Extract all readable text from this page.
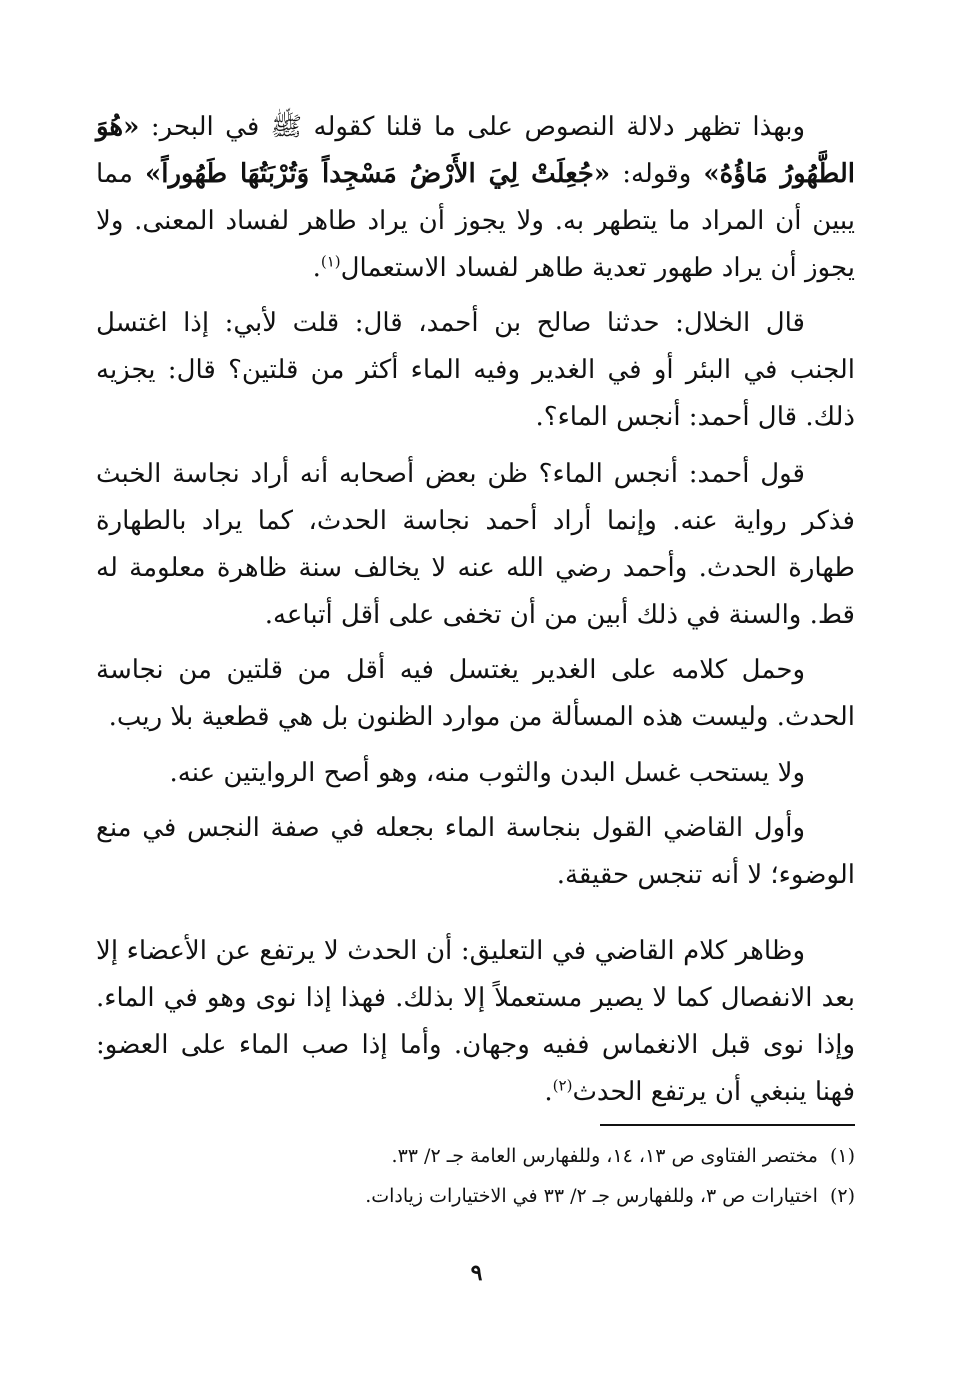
وبهذا تظهر دلالة النصوص على ما قلنا كقوله ﷺ في البحر: «هُوَ الطَّهُورُ مَاؤُهُ» وقوله: «جُعِلَتْ لِيَ الأَرْضُ مَسْجِداً وَتُرْبَتُهَا طَهُوراً» مما يبين أن المراد ما يتطهر به. ولا يجوز أن يراد طاهر لفساد المعنى. ولا يجوز أن يراد طهور تعدية طاهر لفساد الاستعمال$^{(١)}$.

قال الخلال: حدثنا صالح بن أحمد، قال: قلت لأبي: إذا اغتسل الجنب في البئر أو في الغدير وفيه الماء أكثر من قلتين؟ قال: يجزيه ذلك. قال أحمد: أنجس الماء؟.

قول أحمد: أنجس الماء؟ ظن بعض أصحابه أنه أراد نجاسة الخبث فذكر رواية عنه. وإنما أراد أحمد نجاسة الحدث، كما يراد بالطهارة طهارة الحدث. وأحمد رضي الله عنه لا يخالف سنة ظاهرة معلومة له قط. والسنة في ذلك أبين من أن تخفى على أقل أتباعه.

وحمل كلامه على الغدير يغتسل فيه أقل من قلتين من نجاسة الحدث. وليست هذه المسألة من موارد الظنون بل هي قطعية بلا ريب.

ولا يستحب غسل البدن والثوب منه، وهو أصح الروايتين عنه.

وأول القاضي القول بنجاسة الماء بجعله في صفة النجس في منع الوضوء؛ لا أنه تنجس حقيقة.

وظاهر كلام القاضي في التعليق: أن الحدث لا يرتفع عن الأعضاء إلا بعد الانفصال كما لا يصير مستعملاً إلا بذلك. فهذا إذا نوى وهو في الماء. وإذا نوى قبل الانغماس ففيه وجهان. وأما إذا صب الماء على العضو: فهنا ينبغي أن يرتفع الحدث$^{(٢)}$.

(١)مختصر الفتاوى ص ١٣، ١٤، وللفهارس العامة جـ ٢/ ٣٣.
(٢)اختيارات ص ٣، وللفهارس جـ ٢/ ٣٣ في الاختيارات زيادات.
٩
